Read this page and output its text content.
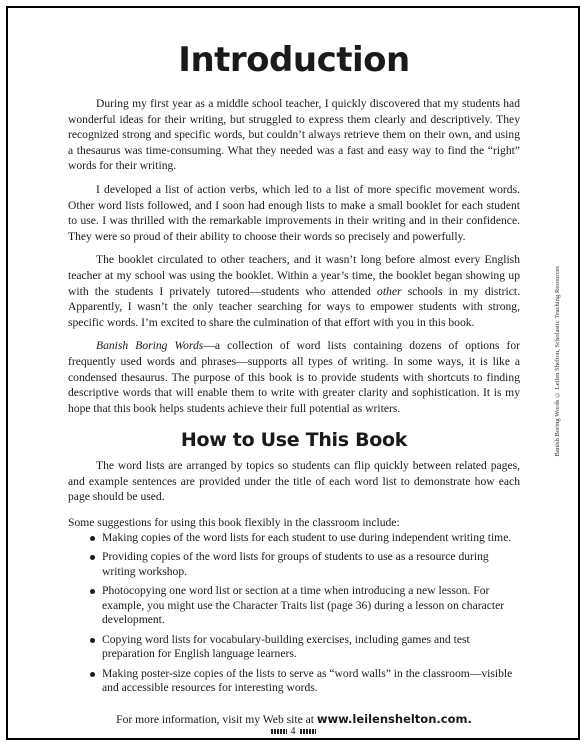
Introduction

During my first year as a middle school teacher, I quickly discovered that my students had wonderful ideas for their writing, but struggled to express them clearly and descriptively. They recognized strong and specific words, but couldn’t always retrieve them on their own, and using a thesaurus was time-consuming. What they needed was a fast and easy way to find the “right” words for their writing.

I developed a list of action verbs, which led to a list of more specific movement words. Other word lists followed, and I soon had enough lists to make a small booklet for each student to use. I was thrilled with the remarkable improvements in their writing and in their confidence. They were so proud of their ability to choose their words so precisely and powerfully.

The booklet circulated to other teachers, and it wasn’t long before almost every English teacher at my school was using the booklet. Within a year’s time, the booklet began showing up with the students I privately tutored—students who attended other schools in my district. Apparently, I wasn’t the only teacher searching for ways to empower students with strong, specific words. I’m excited to share the culmination of that effort with you in this book.

Banish Boring Words—a collection of word lists containing dozens of options for frequently used words and phrases—supports all types of writing. In some ways, it is like a condensed thesaurus. The purpose of this book is to provide students with shortcuts to finding descriptive words that will enable them to write with greater clarity and sophistication. It is my hope that this book helps students achieve their full potential as writers.

How to Use This Book

The word lists are arranged by topics so students can flip quickly between related pages, and example sentences are provided under the title of each word list to demonstrate how each page should be used.

Some suggestions for using this book flexibly in the classroom include:

Making copies of the word lists for each student to use during independent writing time.
Providing copies of the word lists for groups of students to use as a resource during writing workshop.
Photocopying one word list or section at a time when introducing a new lesson. For example, you might use the Character Traits list (page 36) during a lesson on character development.
Copying word lists for vocabulary-building exercises, including games and test preparation for English language learners.
Making poster-size copies of the lists to serve as “word walls” in the classroom—visible and accessible resources for interesting words.
For more information, visit my Web site at www.leilenshelton.com.
4
Banish Boring Words © Leilen Shelton, Scholastic Teaching Resources
